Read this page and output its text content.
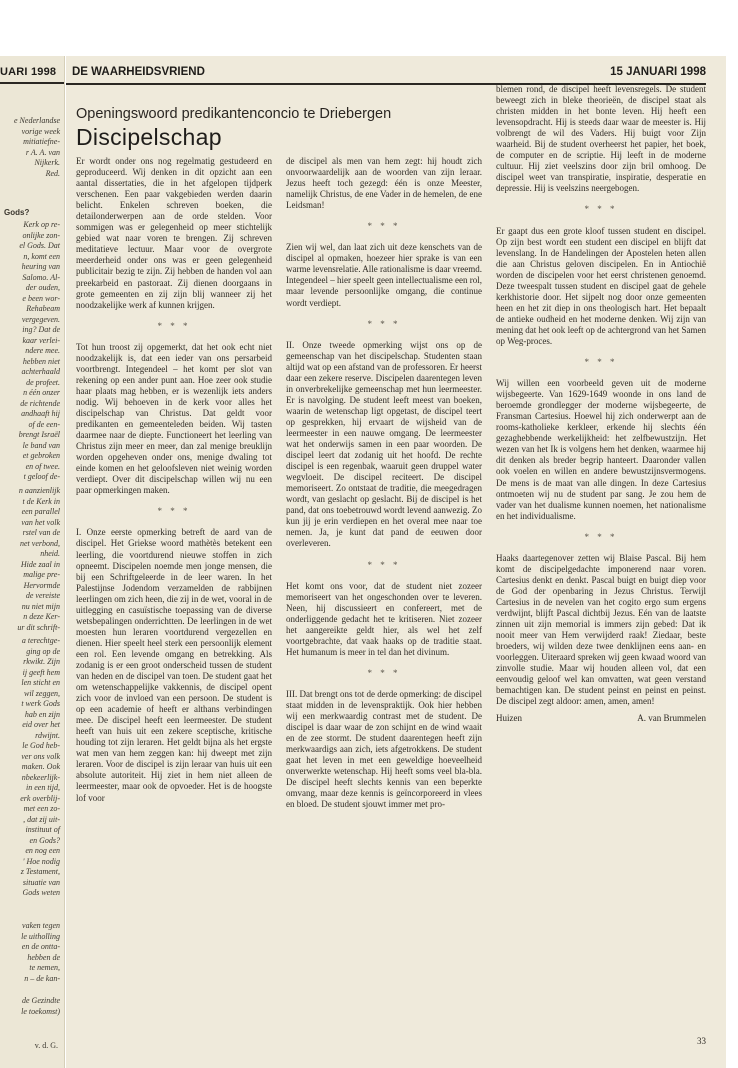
UARI 1998
e Nederlandse
vorige week
mitiatiefne-
r A. A. van
Nijkerk.
Red.
Gods?
Kerk op re-
onlijke zon-
el Gods. Dat
n, komt een
heuring van
Salomo. Al-
der ouden,
e been wor-
Rehabeam
vergegeven.
ing? Dat de
kaar verlei-
ndere mee.
hebben niet
achterhaald
de profeet.
n één onzer
de richtende
andhaaft hij
of de een-
brengt Israël
le band van
et gebroken
en of twee.
t geloof de-
n aanzienlijk
t de Kerk in
een parallel
van het volk
rstel van de
net verbond,
nheid.
Hide zaal in
malige pre-
Hervormde
de vereiste
nu niet mijn
n deze Ker-
ur dit schrift-
a terechtge-
ging op de
rkwikt. Zijn
ij geeft hem
len sticht en
wil zeggen,
t werk Gods
hab en zijn
eid over het
rdwijnt.
le God heb-
ver ons volk
maken. Ook
nbekeerlijk-
in een tijd,
erk overblij-
met een zo-
, dat zij uit-
instituut of
en Gods?
en nog een
' Hoe nodig
z Testament,
situatie van
Gods weten
vaken tegen
le uitholling
en de ontta-
hebben de
te nemen,
n – de kan-
de Gezindte
le toekomst)
v. d. G.
DE WAARHEIDSVRIEND	15 JANUARI 1998
Openingswoord predikantenconcio te Driebergen
Discipelschap

Er wordt onder ons nog regelmatig gestudeerd en geproduceerd. Wij denken in dit opzicht aan een aantal dissertaties, die in het afgelopen tijdperk verschenen. Een paar vakgebieden werden daarin belicht. Enkelen schreven boeken, die detailonderwerpen aan de orde stelden. Voor sommigen was er gelegenheid op meer stichtelijk gebied wat naar voren te brengen. Zij schreven meditatieve lectuur. Maar voor de overgrote meerderheid onder ons was er geen gelegenheid publicitair bezig te zijn. Zij hebben de handen vol aan preekarbeid en pastoraat. Zij dienen doorgaans in grote gemeenten en zij zijn blij wanneer zij het noodzakelijke werk af kunnen krijgen.

* * *

Tot hun troost zij opgemerkt, dat het ook echt niet noodzakelijk is, dat een ieder van ons persarbeid voortbrengt. Integendeel – het komt per slot van rekening op een ander punt aan. Hoe zeer ook studie haar plaats mag hebben, er is wezenlijk iets anders nodig. Wij behoeven in de kerk voor alles het discipelschap van Christus. Dat geldt voor predikanten en gemeenteleden beiden. Wij tasten daarmee naar de diepte. Functioneert het leerling van Christus zijn meer en meer, dan zal menige breuklijn worden opgeheven onder ons, menige dwaling tot einde komen en het geloofsleven niet weinig worden verdiept. Over dit discipelschap willen wij nu een paar opmerkingen maken.

* * *

I. Onze eerste opmerking betreft de aard van de discipel. Het Griekse woord mathètès betekent een leerling, die voortdurend nieuwe stoffen in zich opneemt. Discipelen noemde men jonge mensen, die bij een Schriftgeleerde in de leer waren. In het Palestijnse Jodendom verzamelden de rabbijnen leerlingen om zich heen, die zij in de wet, vooral in de uitlegging en casuïstische toepassing van de diverse wetsbepalingen onderrichtten. De leerlingen in de wet moesten hun leraren voortdurend vergezellen en dienen. Hier speelt heel sterk een persoonlijk element een rol. Een levende omgang en betrekking. Als zodanig is er een groot onderscheid tussen de student van heden en de discipel van toen. De student gaat het om wetenschappelijke vakkennis, de discipel opent zich voor de invloed van een persoon. De student is op een academie of heeft er althans verbindingen mee. De discipel heeft een leermeester. De student heeft van huis uit een zekere sceptische, kritische houding tot zijn leraren. Het geldt bijna als het ergste wat men van hem zeggen kan: hij dweept met zijn leraren. Voor de discipel is zijn leraar van huis uit een absolute autoriteit. Hij ziet in hem niet alleen de leermeester, maar ook de opvoeder. Het is de hoogste lof voor

de discipel als men van hem zegt: hij houdt zich onvoorwaardelijk aan de woorden van zijn leraar. Jezus heeft toch gezegd: één is onze Meester, namelijk Christus, de ene Vader in de hemelen, de ene Leidsman!

* * *

Zien wij wel, dan laat zich uit deze kenschets van de discipel al opmaken, hoezeer hier sprake is van een warme levensrelatie. Alle rationalisme is daar vreemd. Integendeel – hier speelt geen intellectualisme een rol, maar levende persoonlijke omgang, die continue wordt verdiept.

* * *

II. Onze tweede opmerking wijst ons op de gemeenschap van het discipelschap. Studenten staan altijd wat op een afstand van de professoren. Er heerst daar een zekere reserve. Discipelen daarentegen leven in onverbrekelijke gemeenschap met hun leermeester. Er is navolging. De student leeft meest van boeken, waarin de wetenschap ligt opgetast, de discipel teert op gesprekken, hij ervaart de wijsheid van de leermeester in een nauwe omgang. De leermeester wat het onderwijs samen in een paar woorden. De discipel leert dat zodanig uit het hoofd. De rechte discipel is een regenbak, waaruit geen druppel water wegvloeit. De discipel reciteert. De discipel memoriseert. Zo ontstaat de traditie, die meegedragen wordt, van geslacht op geslacht. Bij de discipel is het pand, dat ons toebetrouwd wordt levend aanwezig. Zo kun jij je erin verdiepen en het overal mee naar toe nemen. Ja, je kunt dat pand de eeuwen door overleveren.

* * *

Het komt ons voor, dat de student niet zozeer memoriseert van het ongeschonden over te leveren. Neen, hij discussieert en confereert, met de onderliggende gedacht het te kritiseren. Niet zozeer het aangereikte geldt hier, als wel het zelf voortgebrachte, dat vaak haaks op de traditie staat. Het humanum is meer in tel dan het divinum.

* * *

III. Dat brengt ons tot de derde opmerking: de discipel staat midden in de levenspraktijk. Ook hier hebben wij een merkwaardig contrast met de student. De discipel is daar waar de zon schijnt en de wind waait en de zee stormt. De student daarentegen heeft zijn merkwaardigs aan zich, iets afgetrokkens. De student gaat het leven in met een geweldige hoeveelheid onverwerkte wetenschap. Hij heeft soms veel bla-bla. De discipel heeft slechts kennis van een beperkte omvang, maar deze kennis is geïncorporeerd in vlees en bloed. De student sjouwt immer met pro-

blemen rond, de discipel heeft levensregels. De student beweegt zich in bleke theorieën, de discipel staat als christen midden in het bonte leven. Hij heeft een levensopdracht. Hij is steeds daar waar de meester is. Hij volbrengt de wil des Vaders. Hij buigt voor Zijn waarheid. Bij de student overheerst het papier, het boek, de computer en de scriptie. Hij leeft in de moderne cultuur. Hij ziet veelszins door zijn bril omhoog. De discipel weet van transpiratie, inspiratie, desperatie en depressie. Hij is veelszins neergebogen.

* * *

Er gaapt dus een grote kloof tussen student en discipel. Op zijn best wordt een student een discipel en blijft dat levenslang. In de Handelingen der Apostelen heten allen die aan Christus geloven discipelen. En in Antiochië worden de discipelen voor het eerst christenen genoemd. Deze tweespalt tussen student en discipel gaat de gehele kerkhistorie door. Het sijpelt nog door onze gemeenten heen en het zit diep in ons theologisch hart. Het bepaalt de antieke oudheid en het moderne denken. Wij zijn van mening dat het ook leeft op de achtergrond van het Samen op Weg-proces.

* * *

Wij willen een voorbeeld geven uit de moderne wijsbegeerte. Van 1629-1649 woonde in ons land de beroemde grondlegger der moderne wijsbegeerte, de Fransman Cartesius. Hoewel hij zich onderwerpt aan de rooms-katholieke kerkleer, erkende hij slechts één gezaghebbende werkelijkheid: het zelfbewustzijn. Het wezen van het Ik is volgens hem het denken, waarmee hij dit denken als breder begrip hanteert. Daaronder vallen ook voelen en willen en andere bewustzijnsvermogens. De mens is de maat van alle dingen. In deze Cartesius ontmoeten wij nu de student par sang. Je zou hem de vader van het dualisme kunnen noemen, het nationalisme en het individualisme.

* * *

Haaks daartegenover zetten wij Blaise Pascal. Bij hem komt de discipelgedachte imponerend naar voren. Cartesius denkt en denkt. Pascal buigt en buigt diep voor de God der openbaring in Jezus Christus. Terwijl Cartesius in de nevelen van het cogito ergo sum ergens verdwijnt, blijft Pascal dichtbij Jezus. Eén van de laatste zinnen uit zijn memorial is immers zijn gebed: Dat ik nooit meer van Hem verwijderd raak! Ziedaar, beste broeders, wij wilden deze twee denklijnen eens aan- en voorleggen. Uiteraard spreken wij geen kwaad woord van zinvolle studie. Maar wij houden alleen vol, dat een eenvoudig geloof wel kan omvatten, wat geen verstand bemachtigen kan. De student peinst en peinst en peinst. De discipel zegt aldoor: amen, amen, amen!

Huizen	A. van Brummelen
33
